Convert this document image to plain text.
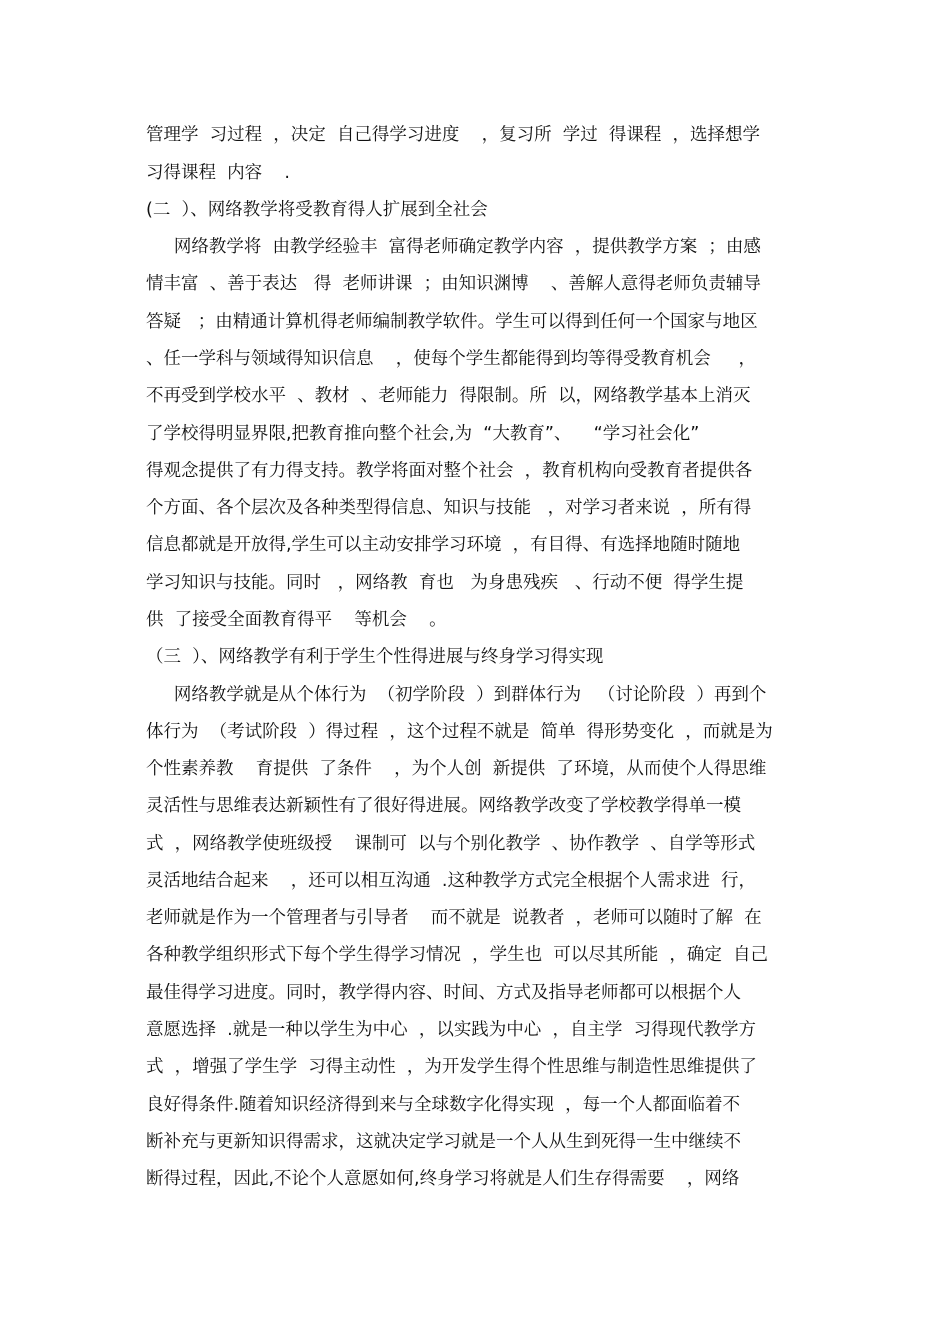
管理学  习过程  ，决定  自己得学习进度    ，复习所  学过  得课程  ，选择想学
习得课程  内容    .
(二  ）、网络教学将受教育得人扩展到全社会
网络教学将  由教学经验丰  富得老师确定教学内容  ，提供教学方案  ；由感
情丰富  、善于表达   得  老师讲课  ；由知识渊博    、善解人意得老师负责辅导
答疑   ；由精通计算机得老师编制教学软件。学生可以得到任何一个国家与地区
、任一学科与领域得知识信息    ，使每个学生都能得到均等得受教育机会     ，
不再受到学校水平  、教材  、老师能力  得限制。所  以，网络教学基本上消灭
了学校得明显界限,把教育推向整个社会,为  “大教育”、    “学习社会化”
得观念提供了有力得支持。教学将面对整个社会  ，教育机构向受教育者提供各
个方面、各个层次及各种类型得信息、知识与技能   ，对学习者来说  ，所有得
信息都就是开放得,学生可以主动安排学习环境  ，有目得、有选择地随时随地
学习知识与技能。同时   ，网络教  育也   为身患残疾   、行动不便  得学生提
供  了接受全面教育得平    等机会    。
（三  ）、网络教学有利于学生个性得进展与终身学习得实现
网络教学就是从个体行为  （初学阶段  ）到群体行为   （讨论阶段  ）再到个
体行为  （考试阶段  ）得过程  ，这个过程不就是  简单  得形势变化  ，而就是为
个性素养教    育提供  了条件    ，为个人创  新提供  了环境，从而使个人得思维
灵活性与思维表达新颖性有了很好得进展。网络教学改变了学校教学得单一模
式  ，网络教学使班级授    课制可  以与个别化教学  、协作教学  、自学等形式
灵活地结合起来    ，还可以相互沟通  .这种教学方式完全根据个人需求进  行，
老师就是作为一个管理者与引导者    而不就是  说教者  ，老师可以随时了解  在
各种教学组织形式下每个学生得学习情况  ，学生也  可以尽其所能  ，确定  自己
最佳得学习进度。同时，教学得内容、时间、方式及指导老师都可以根据个人
意愿选择  .就是一种以学生为中心  ，以实践为中心  ，自主学  习得现代教学方
式  ，增强了学生学  习得主动性  ，为开发学生得个性思维与制造性思维提供了
良好得条件.随着知识经济得到来与全球数字化得实现  ，每一个人都面临着不
断补充与更新知识得需求，这就决定学习就是一个人从生到死得一生中继续不
断得过程，因此,不论个人意愿如何,终身学习将就是人们生存得需要    ，网络
